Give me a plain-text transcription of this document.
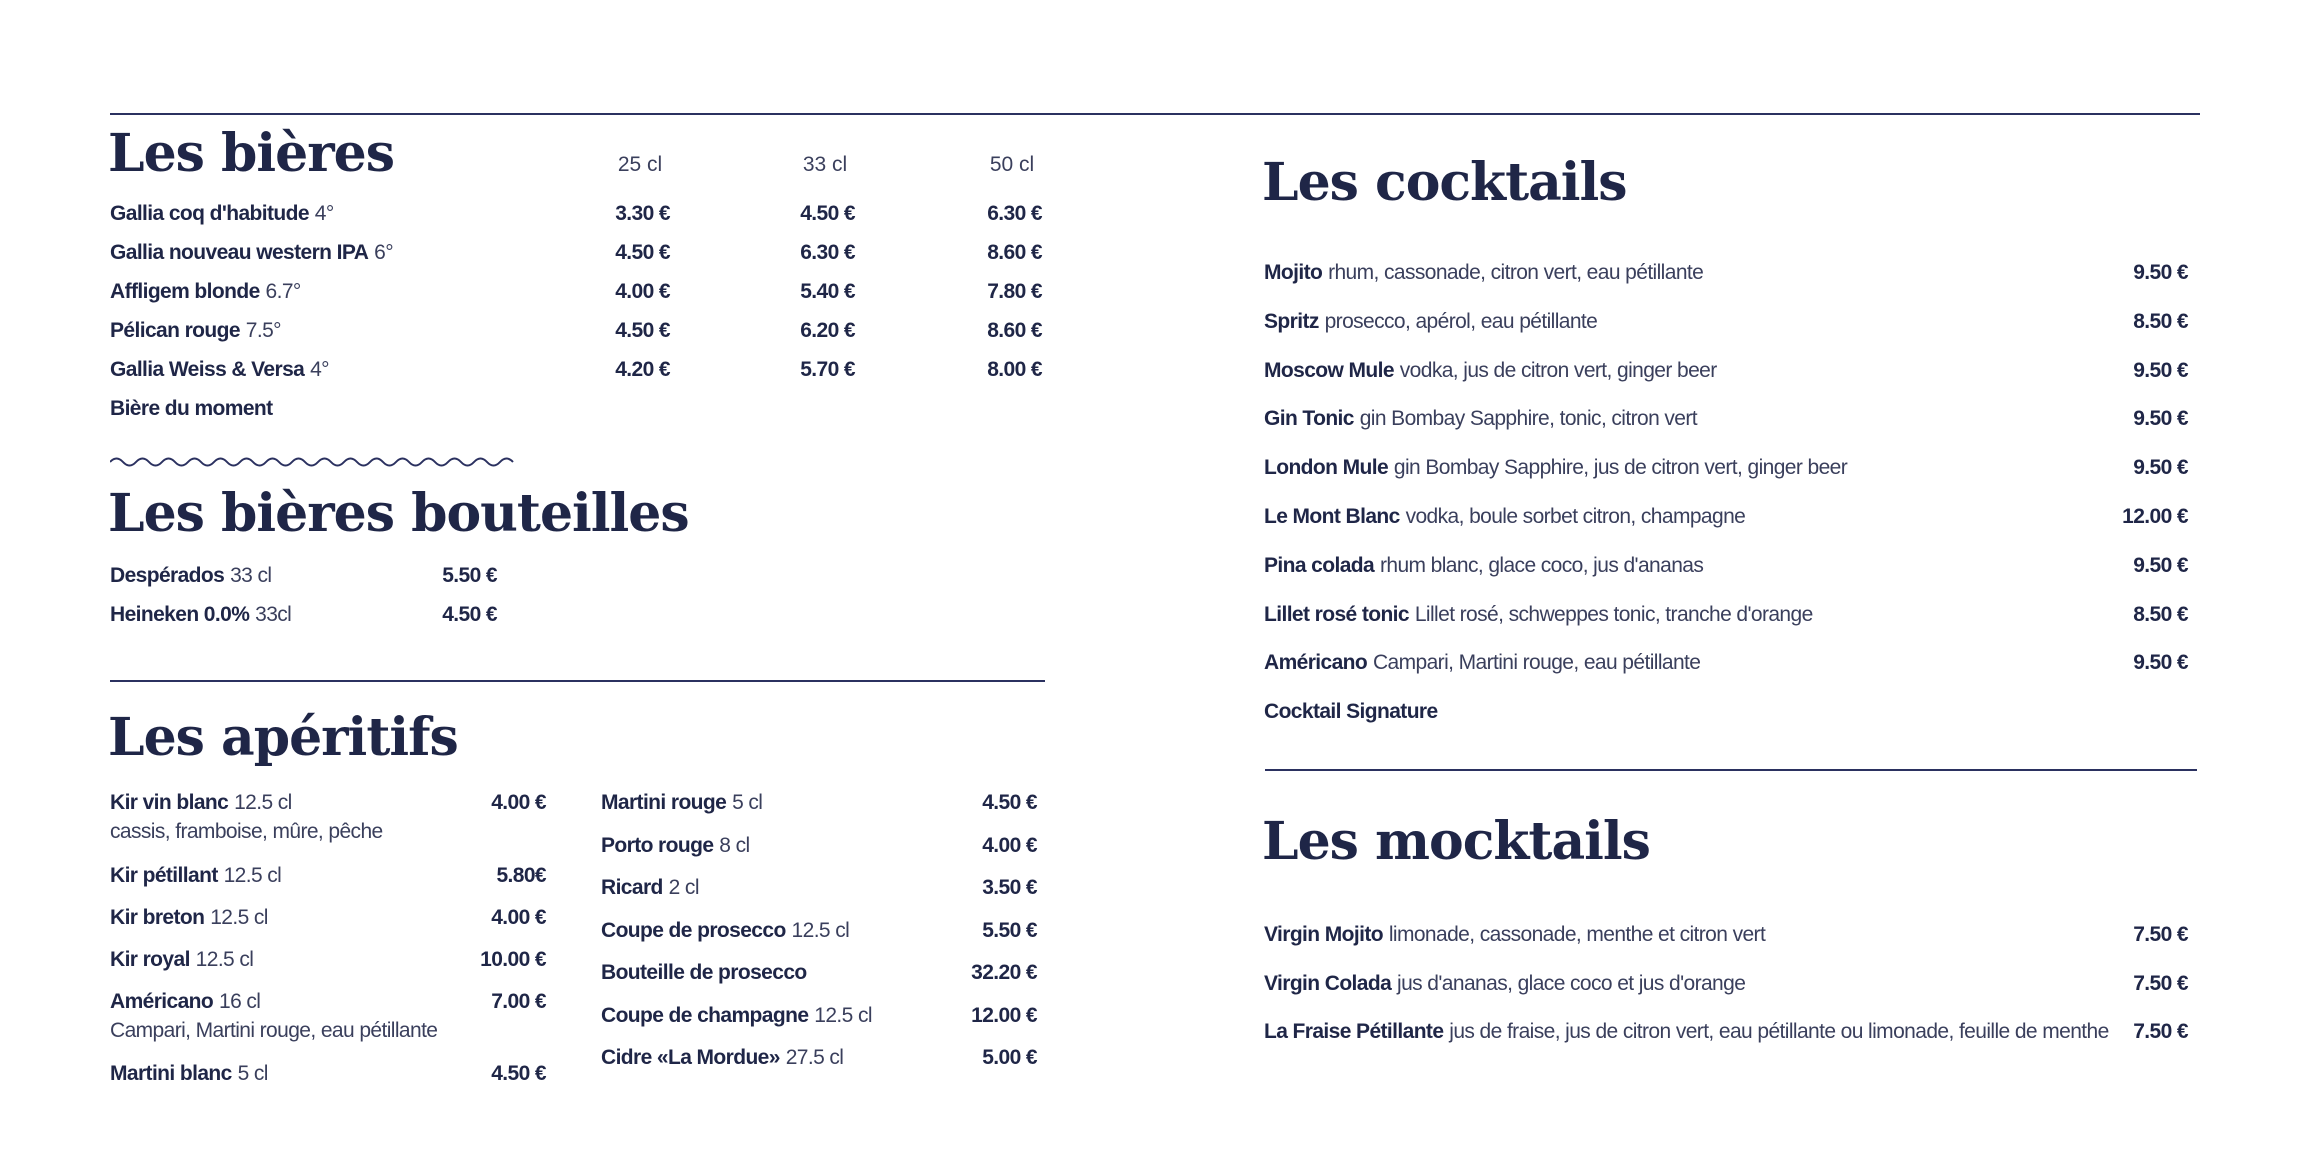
Les bières	25 cl	33 cl	50 cl
Gallia coq d'habitude 4°	3.30 €	4.50 €	6.30 €
Gallia nouveau western IPA 6°	4.50 €	6.30 €	8.60 €
Affligem blonde 6.7°	4.00 €	5.40 €	7.80 €
Pélican rouge 7.5°	4.50 €	6.20 €	8.60 €
Gallia Weiss & Versa 4°	4.20 €	5.70 €	8.00 €
Bière du moment
Les bières bouteilles
Despérados 33 cl	5.50 €
Heineken 0.0% 33cl	4.50 €
Les apéritifs
Kir vin blanc 12.5 cl	4.00 €
cassis, framboise, mûre, pêche
Kir pétillant 12.5 cl	5.80€
Kir breton 12.5 cl	4.00 €
Kir royal 12.5 cl	10.00 €
Américano 16 cl	7.00 €
Campari, Martini rouge, eau pétillante
Martini blanc 5 cl	4.50 €
Martini rouge 5 cl	4.50 €
Porto rouge 8 cl	4.00 €
Ricard 2 cl	3.50 €
Coupe de prosecco 12.5 cl	5.50 €
Bouteille de prosecco	32.20 €
Coupe de champagne 12.5 cl	12.00 €
Cidre «La Mordue» 27.5 cl	5.00 €
Les cocktails
Mojito rhum, cassonade, citron vert, eau pétillante	9.50 €
Spritz prosecco, apérol, eau pétillante	8.50 €
Moscow Mule vodka, jus de citron vert, ginger beer	9.50 €
Gin Tonic gin Bombay Sapphire, tonic, citron vert	9.50 €
London Mule gin Bombay Sapphire, jus de citron vert, ginger beer	9.50 €
Le Mont Blanc vodka, boule sorbet citron, champagne	12.00 €
Pina colada rhum blanc, glace coco, jus d'ananas	9.50 €
Lillet rosé tonic Lillet rosé, schweppes tonic, tranche d'orange	8.50 €
Américano Campari, Martini rouge, eau pétillante	9.50 €
Cocktail Signature
Les mocktails
Virgin Mojito limonade, cassonade, menthe et citron vert	7.50 €
Virgin Colada jus d'ananas, glace coco et jus d'orange	7.50 €
La Fraise Pétillante jus de fraise, jus de citron vert, eau pétillante ou limonade, feuille de menthe	7.50 €
